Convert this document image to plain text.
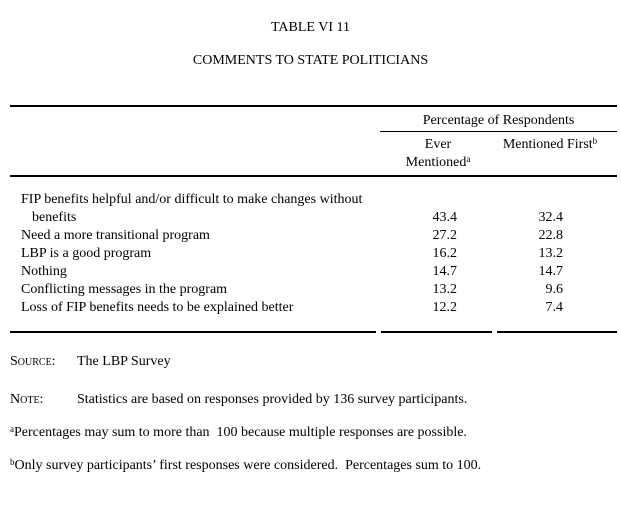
TABLE VI 11
COMMENTS TO STATE POLITICIANS
Percentage of Respondents
Ever
Mentioned$^a$
Mentioned First$^b$
FIP benefits helpful and/or difficult to make changes without benefits	43.4	32.4
Need a more transitional program	27.2	22.8
LBP is a good program	16.2	13.2
Nothing	14.7	14.7
Conflicting messages in the program	13.2	9.6
Loss of FIP benefits needs to be explained better	12.2	7.4
Source: The LBP Survey
Note: Statistics are based on responses provided by 136 survey participants.
$^a$Percentages may sum to more than  100 because multiple responses are possible.
$^b$Only survey participants’ first responses were considered.  Percentages sum to 100.
